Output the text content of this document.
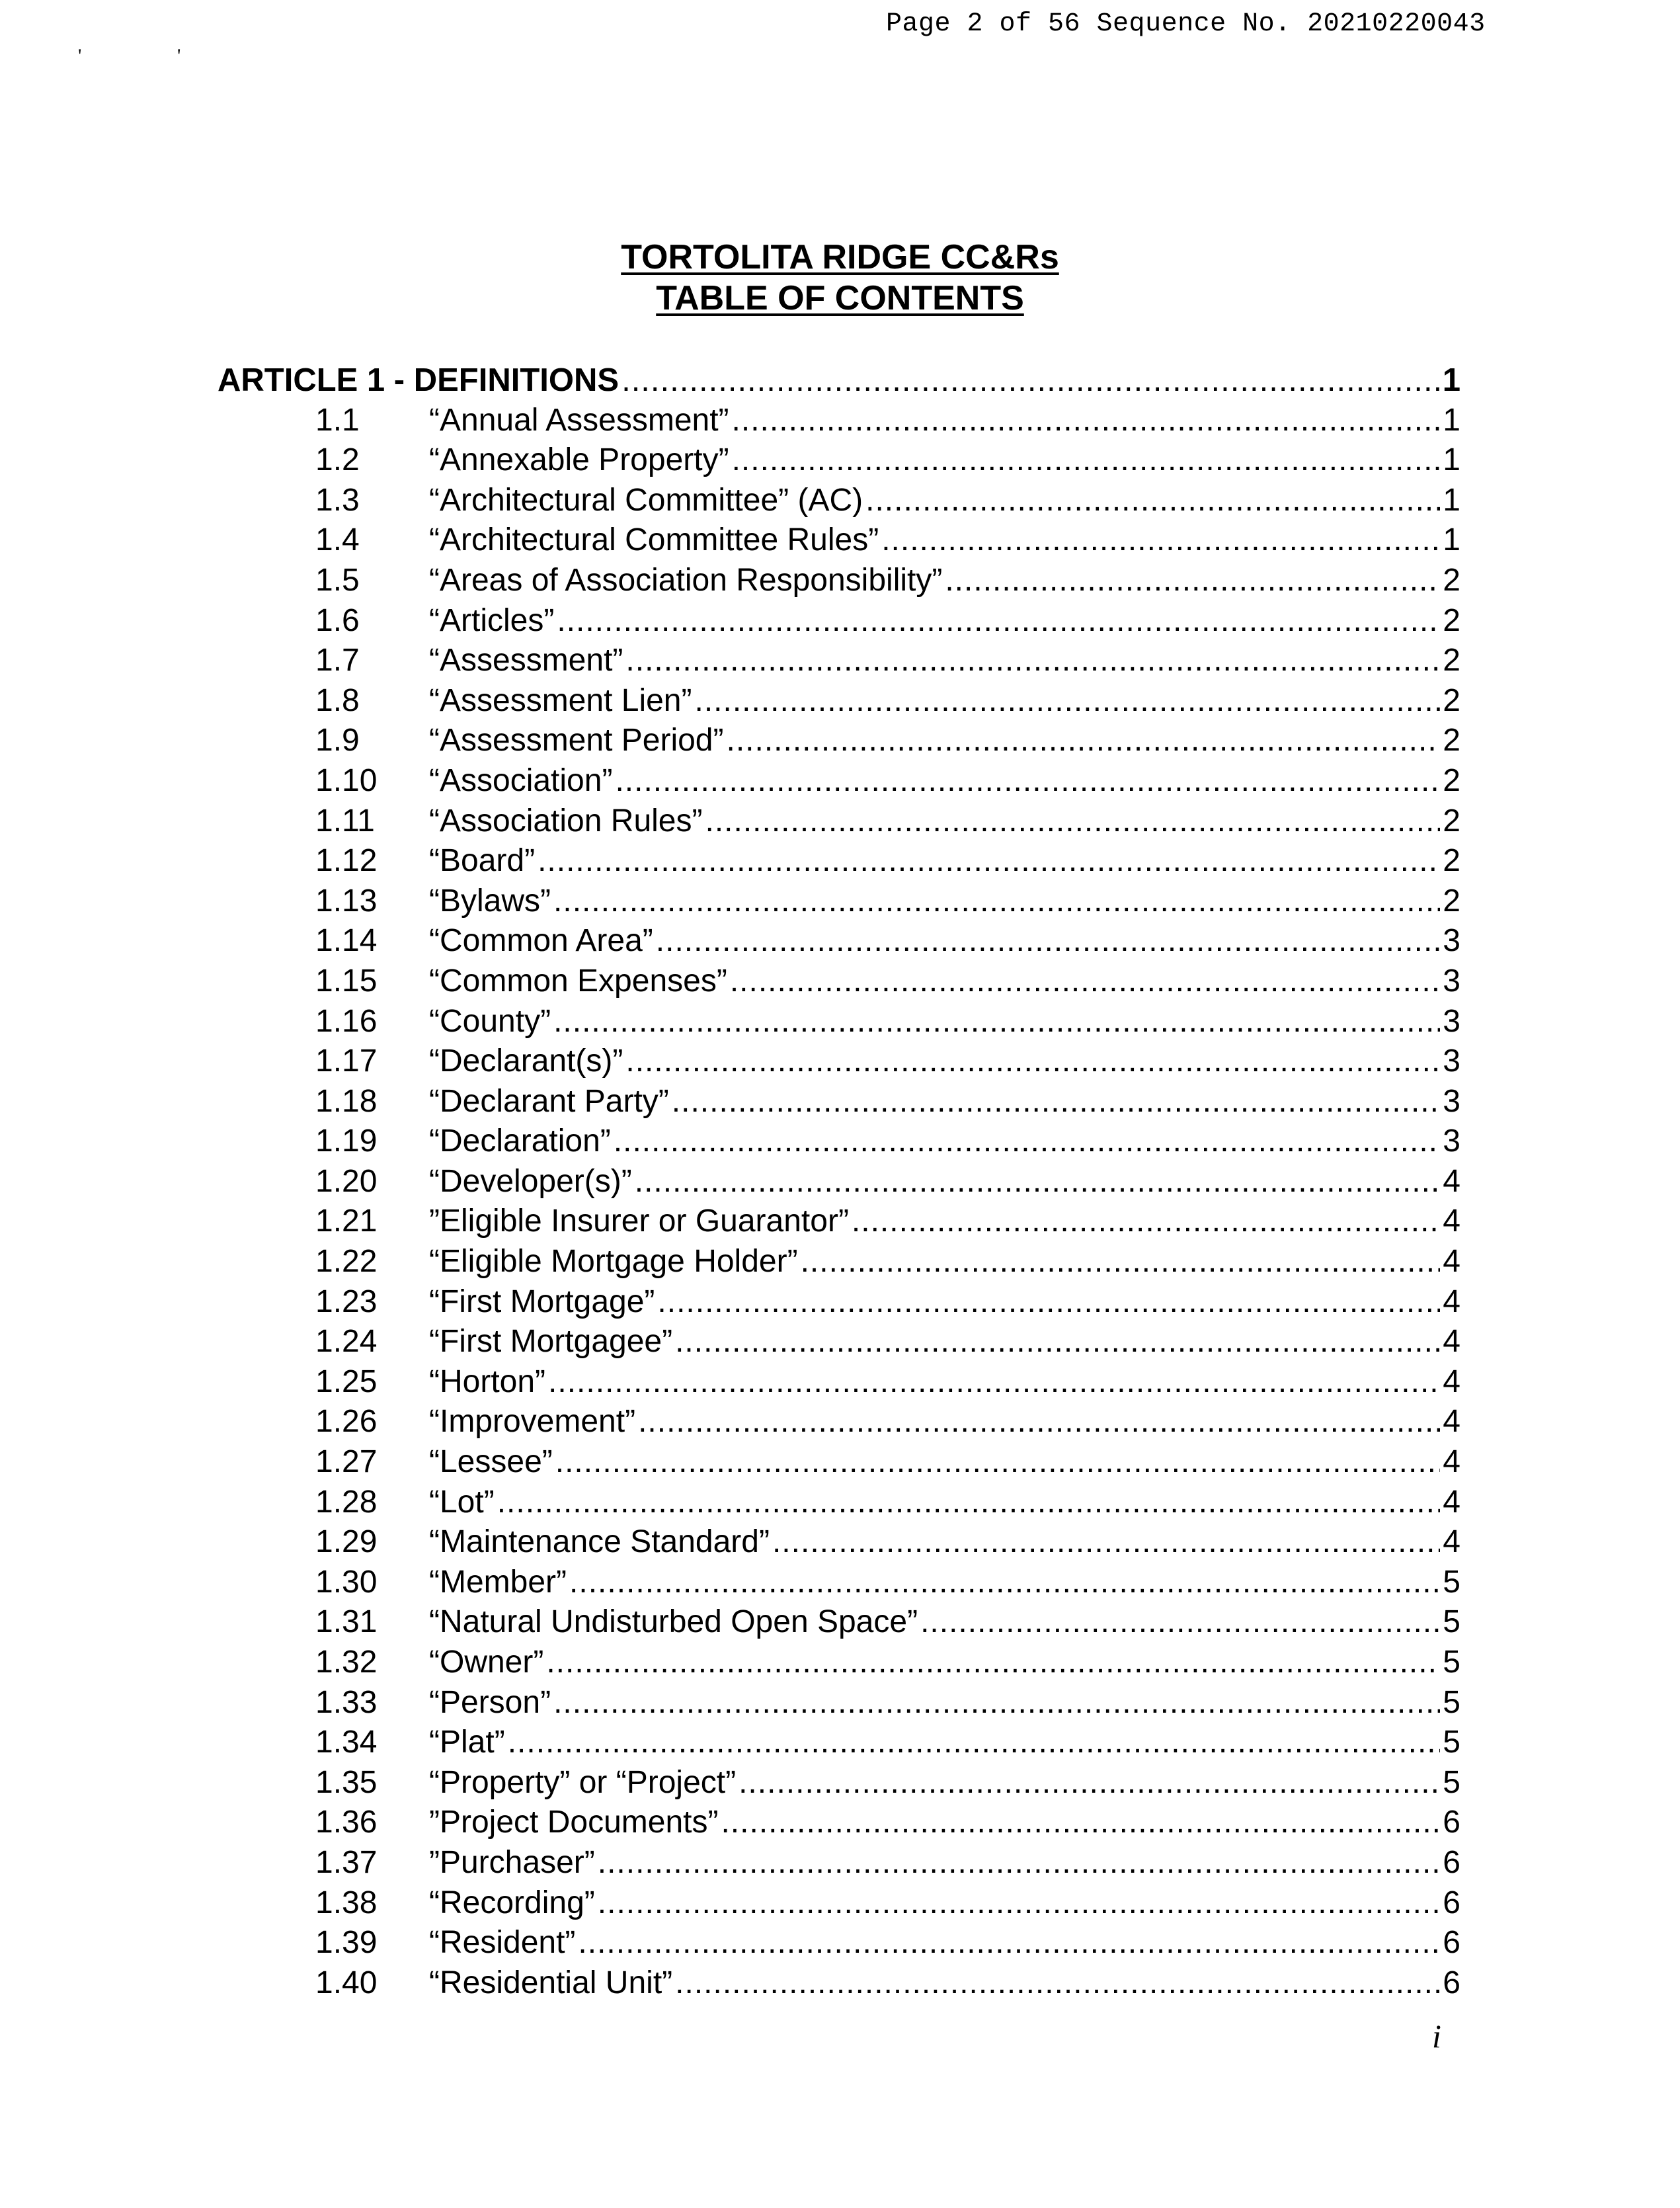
Page 2 of 56 Sequence No. 20210220043
'	'
TORTOLITA RIDGE CC&Rs
TABLE OF CONTENTS
ARTICLE 1 - DEFINITIONS .....	1
1.1	“Annual Assessment” .....	1
1.2	“Annexable Property” .....	1
1.3	“Architectural Committee” (AC) .....	1
1.4	“Architectural Committee Rules” .....	1
1.5	“Areas of Association Responsibility” .....	2
1.6	“Articles” .....	2
1.7	“Assessment” .....	2
1.8	“Assessment Lien” .....	2
1.9	“Assessment Period” .....	2
1.10	“Association” .....	2
1.11	“Association Rules” .....	2
1.12	“Board” .....	2
1.13	“Bylaws” .....	2
1.14	“Common Area” .....	3
1.15	“Common Expenses” .....	3
1.16	“County” .....	3
1.17	“Declarant(s)” .....	3
1.18	“Declarant Party” .....	3
1.19	“Declaration” .....	3
1.20	“Developer(s)” .....	4
1.21	”Eligible Insurer or Guarantor” .....	4
1.22	“Eligible Mortgage Holder” .....	4
1.23	“First Mortgage” .....	4
1.24	“First Mortgagee” .....	4
1.25	“Horton” .....	4
1.26	“Improvement” .....	4
1.27	“Lessee” .....	4
1.28	“Lot” .....	4
1.29	“Maintenance Standard” .....	4
1.30	“Member” .....	5
1.31	“Natural Undisturbed Open Space” .....	5
1.32	“Owner” .....	5
1.33	“Person” .....	5
1.34	“Plat” .....	5
1.35	“Property” or “Project” .....	5
1.36	”Project Documents” .....	6
1.37	”Purchaser” .....	6
1.38	“Recording” .....	6
1.39	“Resident” .....	6
1.40	“Residential Unit” .....	6
i
